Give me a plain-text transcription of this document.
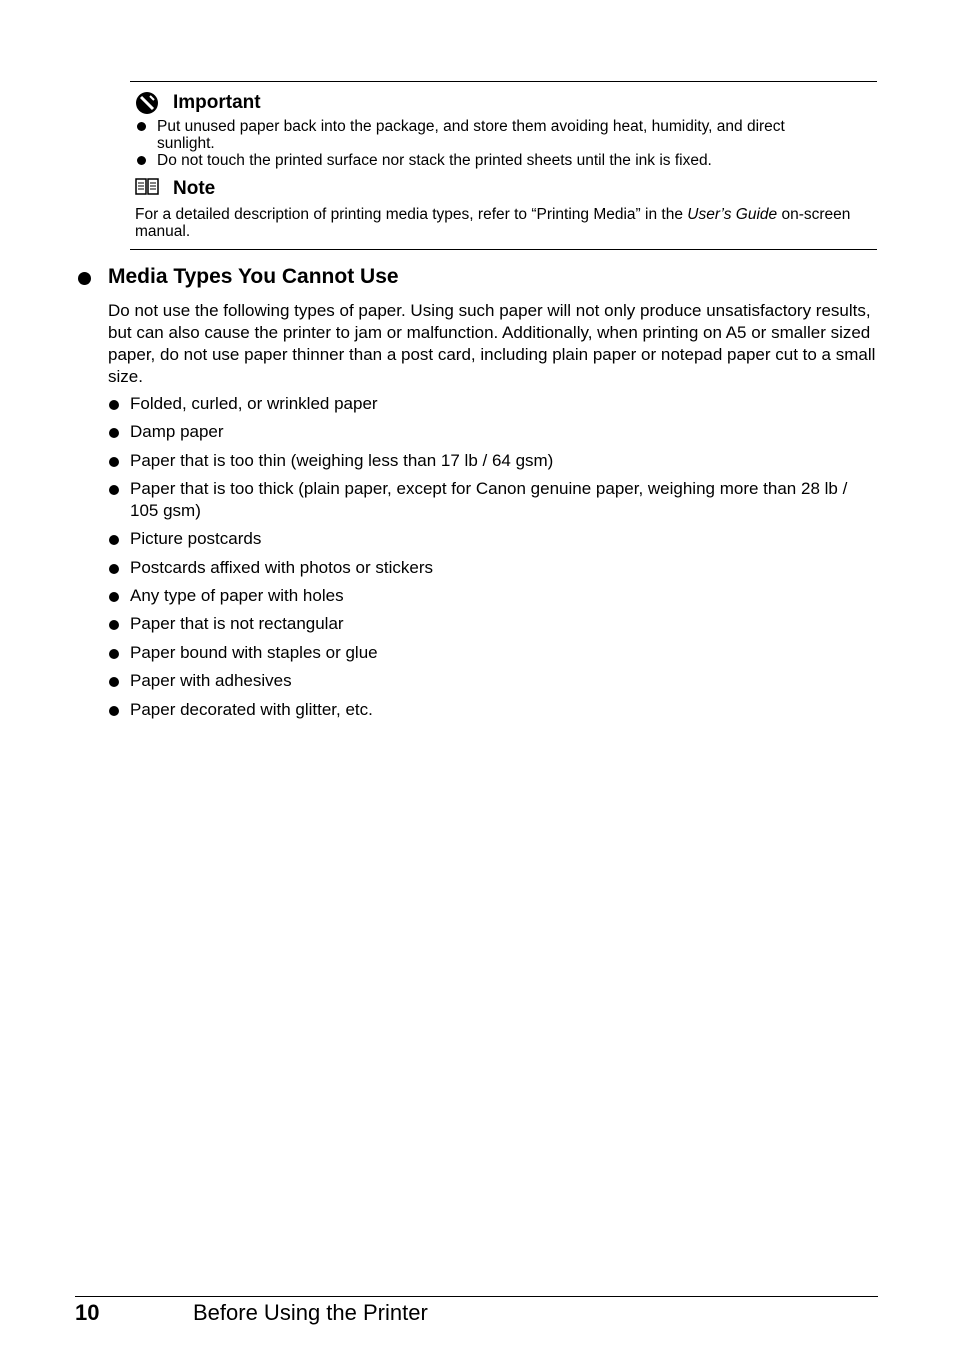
Important
Put unused paper back into the package, and store them avoiding heat, humidity, and direct sunlight.
Do not touch the printed surface nor stack the printed sheets until the ink is fixed.
Note
For a detailed description of printing media types, refer to “Printing Media” in the User’s Guide on-screen manual.
Media Types You Cannot Use
Do not use the following types of paper. Using such paper will not only produce unsatisfactory results, but can also cause the printer to jam or malfunction. Additionally, when printing on A5 or smaller sized paper, do not use paper thinner than a post card, including plain paper or notepad paper cut to a small size.
Folded, curled, or wrinkled paper
Damp paper
Paper that is too thin (weighing less than 17 lb / 64 gsm)
Paper that is too thick (plain paper, except for Canon genuine paper, weighing more than 28 lb / 105 gsm)
Picture postcards
Postcards affixed with photos or stickers
Any type of paper with holes
Paper that is not rectangular
Paper bound with staples or glue
Paper with adhesives
Paper decorated with glitter, etc.
10	Before Using the Printer
